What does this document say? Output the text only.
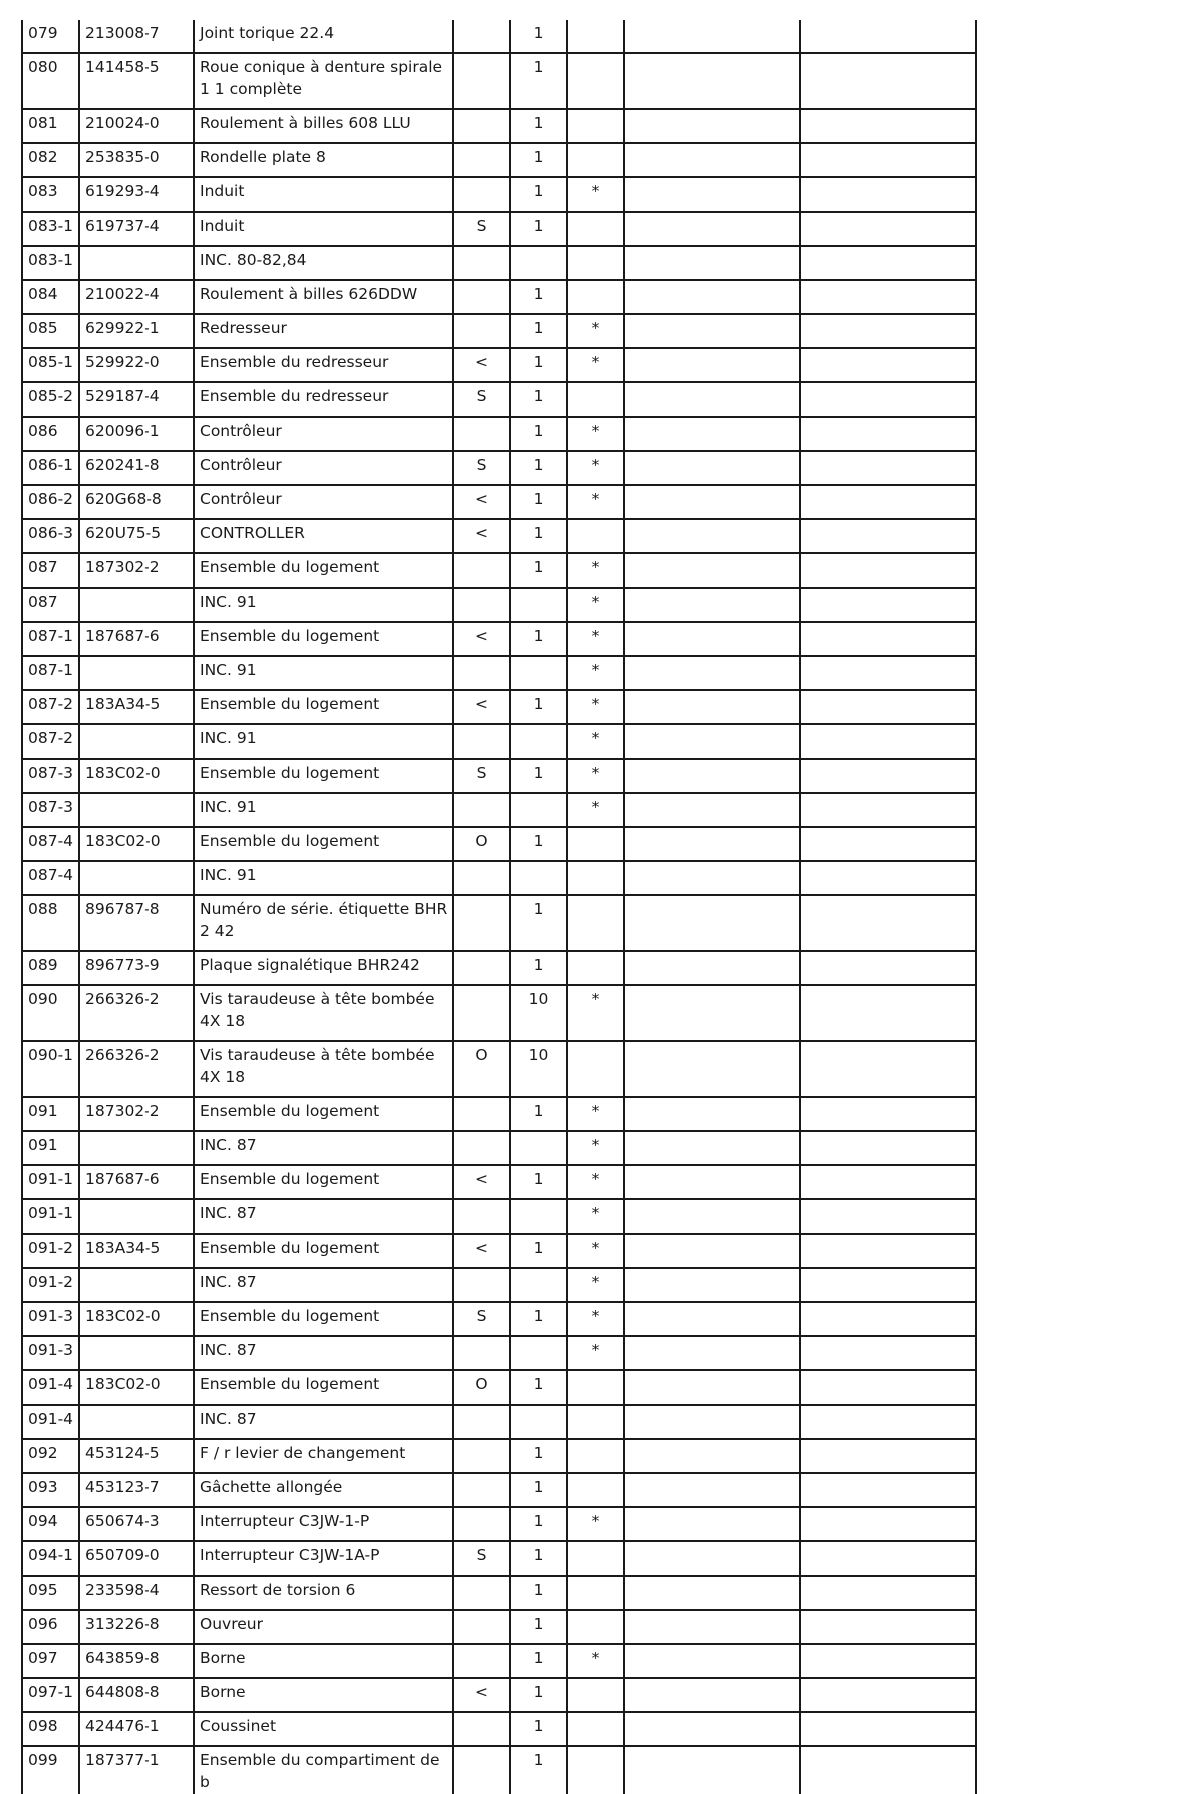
079	213008-7	Joint torique 22.4		1			
080	141458-5	Roue conique à denture spirale 1 1 complète		1			
081	210024-0	Roulement à billes 608 LLU		1			
082	253835-0	Rondelle plate 8		1			
083	619293-4	Induit		1	*		
083-1	619737-4	Induit	S	1			
083-1		INC. 80-82,84					
084	210022-4	Roulement à billes 626DDW		1			
085	629922-1	Redresseur		1	*		
085-1	529922-0	Ensemble du redresseur	<	1	*		
085-2	529187-4	Ensemble du redresseur	S	1			
086	620096-1	Contrôleur		1	*		
086-1	620241-8	Contrôleur	S	1	*		
086-2	620G68-8	Contrôleur	<	1	*		
086-3	620U75-5	CONTROLLER	<	1			
087	187302-2	Ensemble du logement		1	*		
087		INC. 91			*		
087-1	187687-6	Ensemble du logement	<	1	*		
087-1		INC. 91			*		
087-2	183A34-5	Ensemble du logement	<	1	*		
087-2		INC. 91			*		
087-3	183C02-0	Ensemble du logement	S	1	*		
087-3		INC. 91			*		
087-4	183C02-0	Ensemble du logement	O	1			
087-4		INC. 91					
088	896787-8	Numéro de série. étiquette BHR2 42		1			
089	896773-9	Plaque signalétique BHR242		1			
090	266326-2	Vis taraudeuse à tête bombée 4X 18		10	*		
090-1	266326-2	Vis taraudeuse à tête bombée 4X 18	O	10			
091	187302-2	Ensemble du logement		1	*		
091		INC. 87			*		
091-1	187687-6	Ensemble du logement	<	1	*		
091-1		INC. 87			*		
091-2	183A34-5	Ensemble du logement	<	1	*		
091-2		INC. 87			*		
091-3	183C02-0	Ensemble du logement	S	1	*		
091-3		INC. 87			*		
091-4	183C02-0	Ensemble du logement	O	1			
091-4		INC. 87					
092	453124-5	F / r levier de changement		1			
093	453123-7	Gâchette allongée		1			
094	650674-3	Interrupteur C3JW-1-P		1	*		
094-1	650709-0	Interrupteur C3JW-1A-P	S	1			
095	233598-4	Ressort de torsion 6		1			
096	313226-8	Ouvreur		1			
097	643859-8	Borne		1	*		
097-1	644808-8	Borne	<	1			
098	424476-1	Coussinet		1			
099	187377-1	Ensemble du compartiment de b		1			
